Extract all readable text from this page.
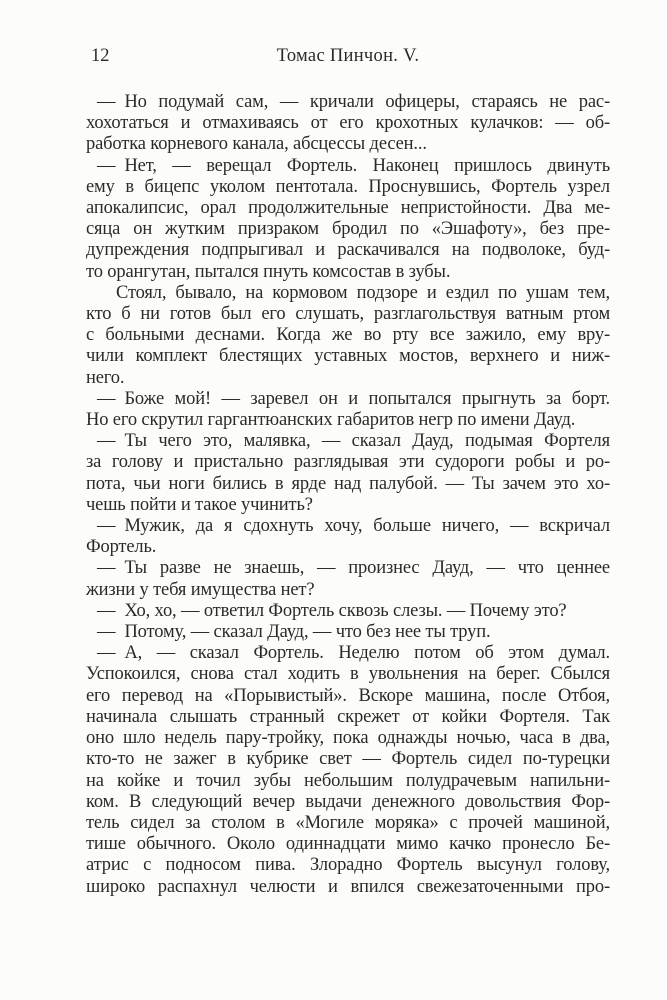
12	Томас Пинчон. V.

— Но подумай сам, — кричали офицеры, стараясь не рас-
хохотаться и отмахиваясь от его крохотных кулачков: — об-
работка корневого канала, абсцессы десен...

— Нет, — верещал Фортель. Наконец пришлось двинуть
ему в бицепс уколом пентотала. Проснувшись, Фортель узрел
апокалипсис, орал продолжительные непристойности. Два ме-
сяца он жутким призраком бродил по «Эшафоту», без пре-
дупреждения подпрыгивал и раскачивался на подволоке, буд-
то орангутан, пытался пнуть комсостав в зубы.

Стоял, бывало, на кормовом подзоре и ездил по ушам тем,
кто б ни готов был его слушать, разглагольствуя ватным ртом
с больными деснами. Когда же во рту все зажило, ему вру-
чили комплект блестящих уставных мостов, верхнего и ниж-
него.

— Боже мой! — заревел он и попытался прыгнуть за борт.
Но его скрутил гаргантюанских габаритов негр по имени Дауд.

— Ты чего это, малявка, — сказал Дауд, подымая Фортеля
за голову и пристально разглядывая эти судороги робы и ро-
пота, чьи ноги бились в ярде над палубой. — Ты зачем это хо-
чешь пойти и такое учинить?

— Мужик, да я сдохнуть хочу, больше ничего, — вскричал
Фортель.

— Ты разве не знаешь, — произнес Дауд, — что ценнее
жизни у тебя имущества нет?

— Хо, хо, — ответил Фортель сквозь слезы. — Почему это?

— Потому, — сказал Дауд, — что без нее ты труп.

— А, — сказал Фортель. Неделю потом об этом думал.
Успокоился, снова стал ходить в увольнения на берег. Сбылся
его перевод на «Порывистый». Вскоре машина, после Отбоя,
начинала слышать странный скрежет от койки Фортеля. Так
оно шло недель пару-тройку, пока однажды ночью, часа в два,
кто-то не зажег в кубрике свет — Фортель сидел по-турецки
на койке и точил зубы небольшим полудрачевым напильни-
ком. В следующий вечер выдачи денежного довольствия Фор-
тель сидел за столом в «Могиле моряка» с прочей машиной,
тише обычного. Около одиннадцати мимо качко пронесло Бе-
атрис с подносом пива. Злорадно Фортель высунул голову,
широко распахнул челюсти и впился свежезаточенными про-
